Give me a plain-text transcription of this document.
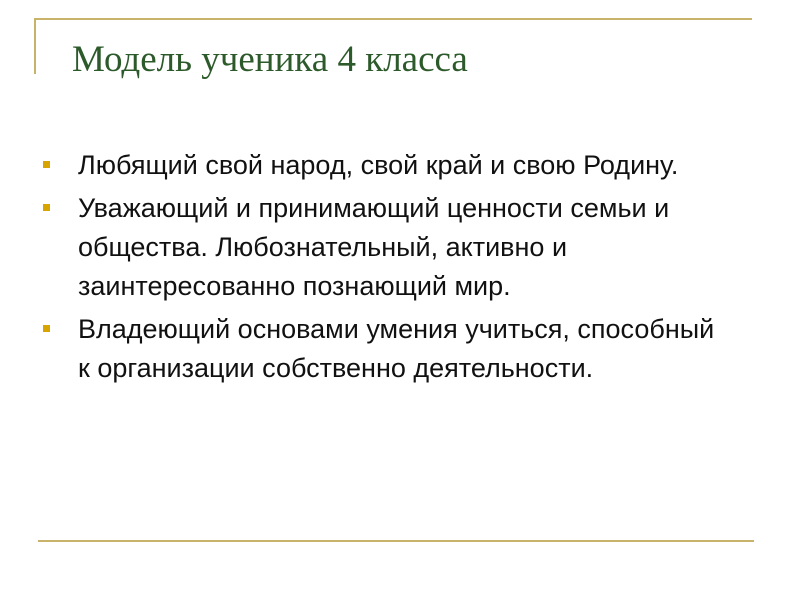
Модель ученика 4 класса
Любящий свой народ, свой край и свою Родину.
Уважающий и принимающий ценности семьи и общества. Любознательный, активно и заинтересованно познающий мир.
Владеющий основами умения учиться, способный к организации собственно деятельности.
